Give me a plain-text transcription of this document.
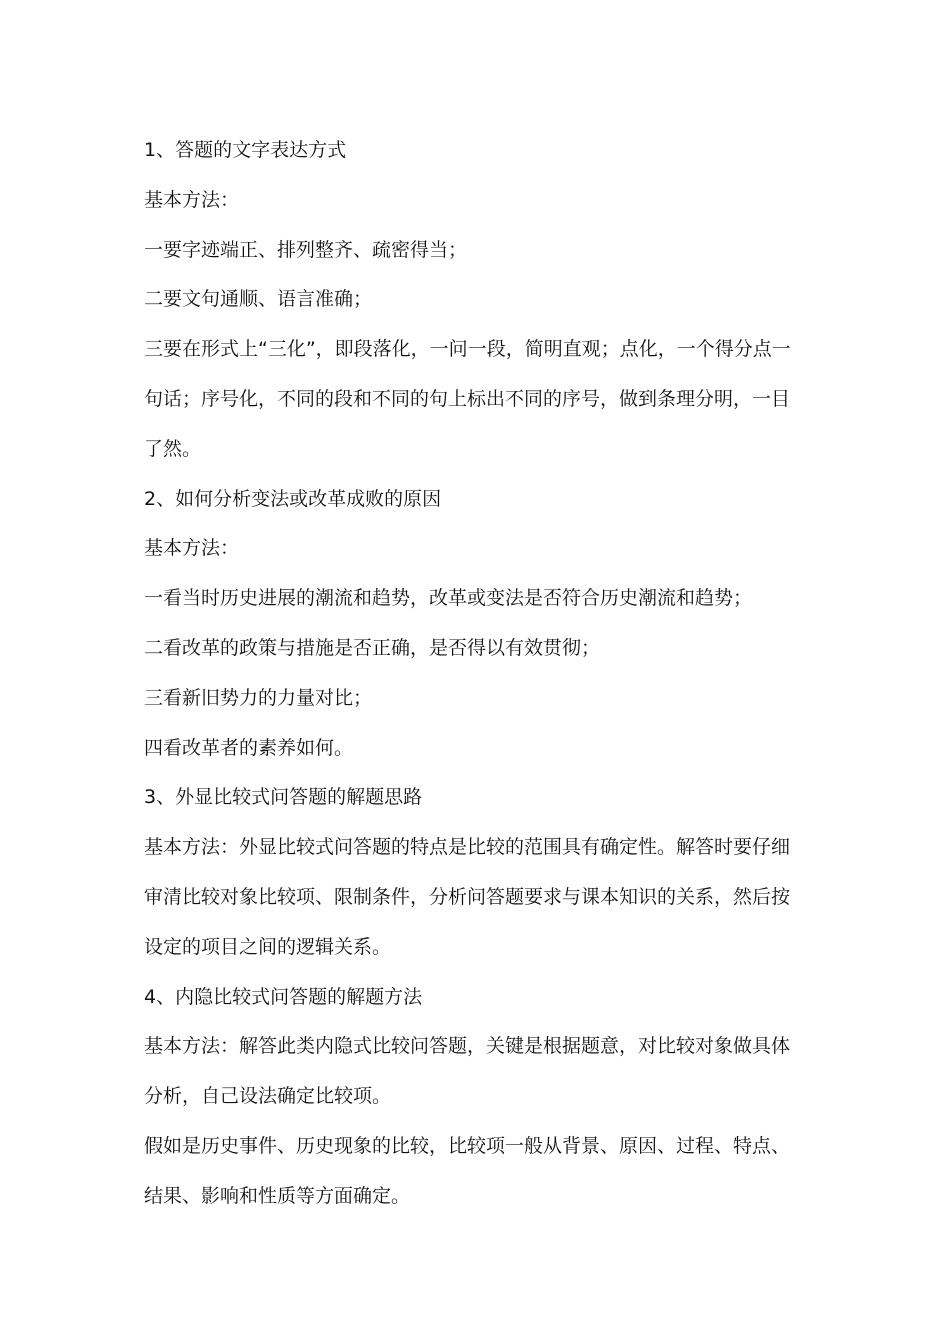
1、答题的文字表达方式

基本方法：

一要字迹端正、排列整齐、疏密得当；

二要文句通顺、语言准确；

三要在形式上“三化”，即段落化，一问一段，简明直观；点化，一个得分点一句话；序号化，不同的段和不同的句上标出不同的序号，做到条理分明，一目了然。

2、如何分析变法或改革成败的原因

基本方法：

一看当时历史进展的潮流和趋势，改革或变法是否符合历史潮流和趋势；

二看改革的政策与措施是否正确，是否得以有效贯彻；

三看新旧势力的力量对比；

四看改革者的素养如何。

3、外显比较式问答题的解题思路

基本方法：外显比较式问答题的特点是比较的范围具有确定性。解答时要仔细审清比较对象比较项、限制条件，分析问答题要求与课本知识的关系，然后按设定的项目之间的逻辑关系。

4、内隐比较式问答题的解题方法

基本方法：解答此类内隐式比较问答题，关键是根据题意，对比较对象做具体分析，自己设法确定比较项。

假如是历史事件、历史现象的比较，比较项一般从背景、原因、过程、特点、结果、影响和性质等方面确定。
